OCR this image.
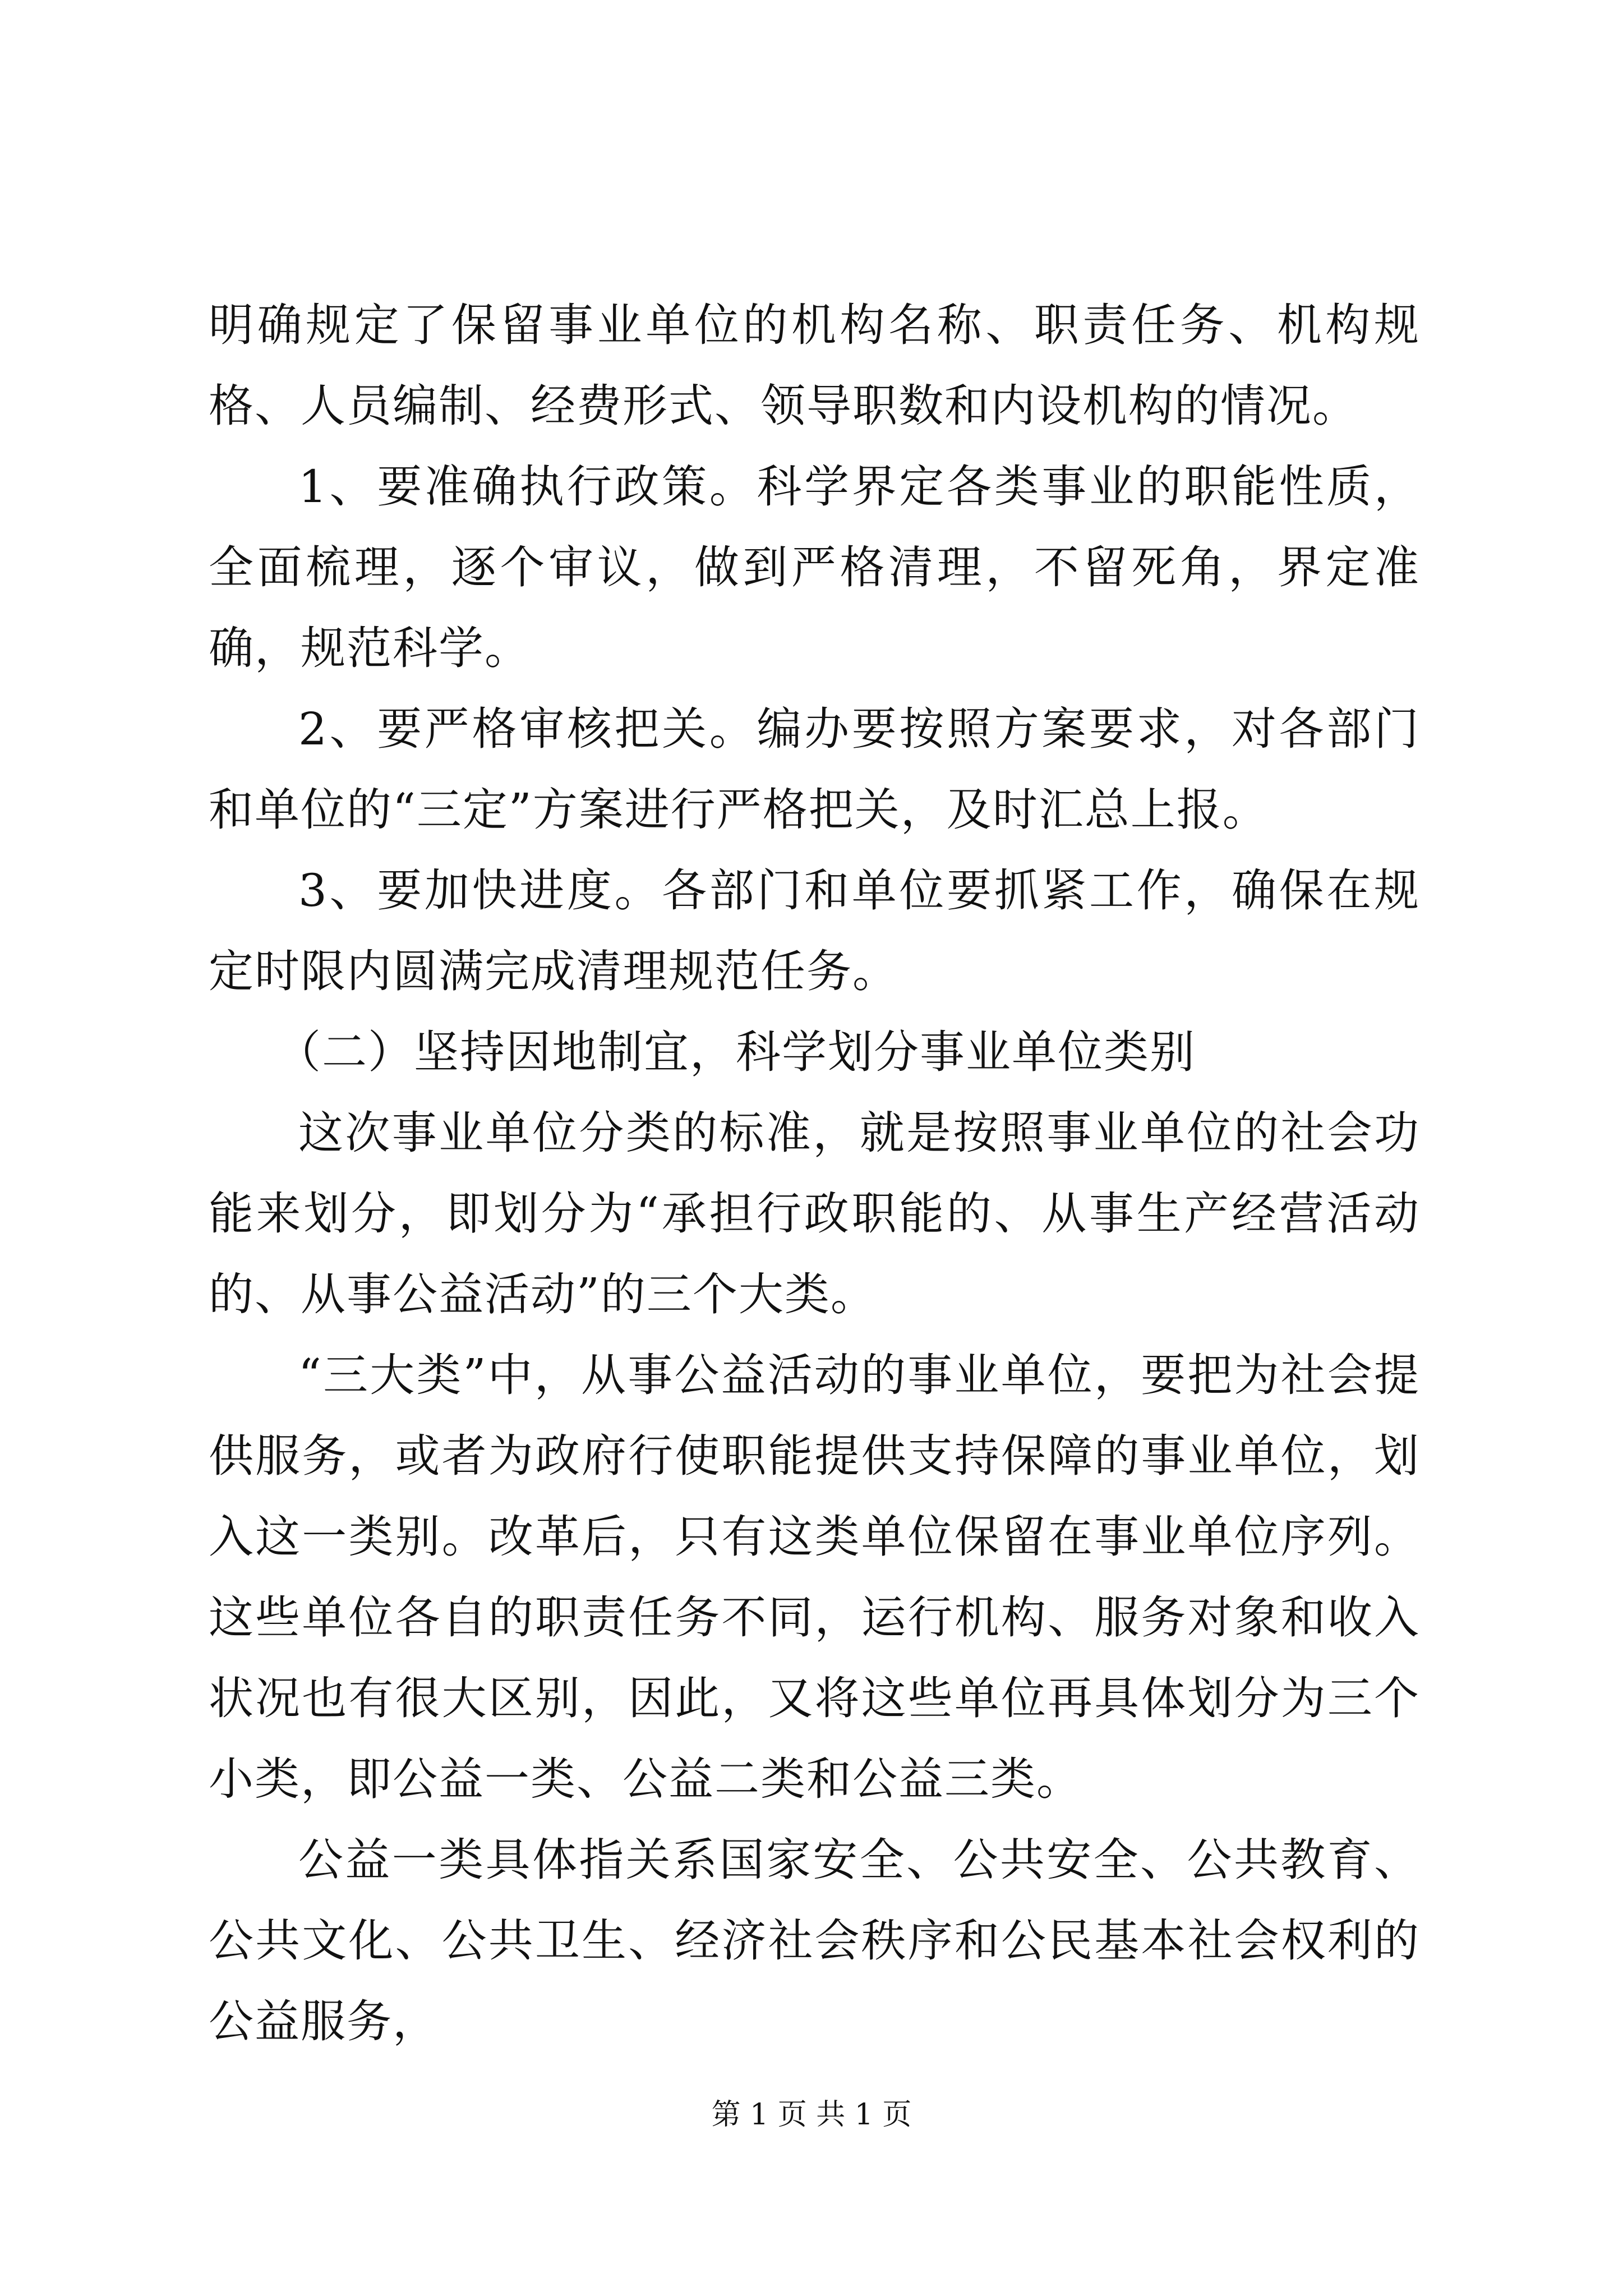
明确规定了保留事业单位的机构名称、职责任务、机构规格、人员编制、经费形式、领导职数和内设机构的情况。

1、要准确执行政策。科学界定各类事业的职能性质，全面梳理，逐个审议，做到严格清理，不留死角，界定准确，规范科学。

2、要严格审核把关。编办要按照方案要求，对各部门和单位的“三定”方案进行严格把关，及时汇总上报。

3、要加快进度。各部门和单位要抓紧工作，确保在规定时限内圆满完成清理规范任务。

（二）坚持因地制宜，科学划分事业单位类别

这次事业单位分类的标准，就是按照事业单位的社会功能来划分，即划分为“承担行政职能的、从事生产经营活动的、从事公益活动”的三个大类。

“三大类”中，从事公益活动的事业单位，要把为社会提供服务，或者为政府行使职能提供支持保障的事业单位，划入这一类别。改革后，只有这类单位保留在事业单位序列。这些单位各自的职责任务不同，运行机构、服务对象和收入状况也有很大区别，因此，又将这些单位再具体划分为三个小类，即公益一类、公益二类和公益三类。

公益一类具体指关系国家安全、公共安全、公共教育、公共文化、公共卫生、经济社会秩序和公民基本社会权利的公益服务，

第 1 页 共 1 页
